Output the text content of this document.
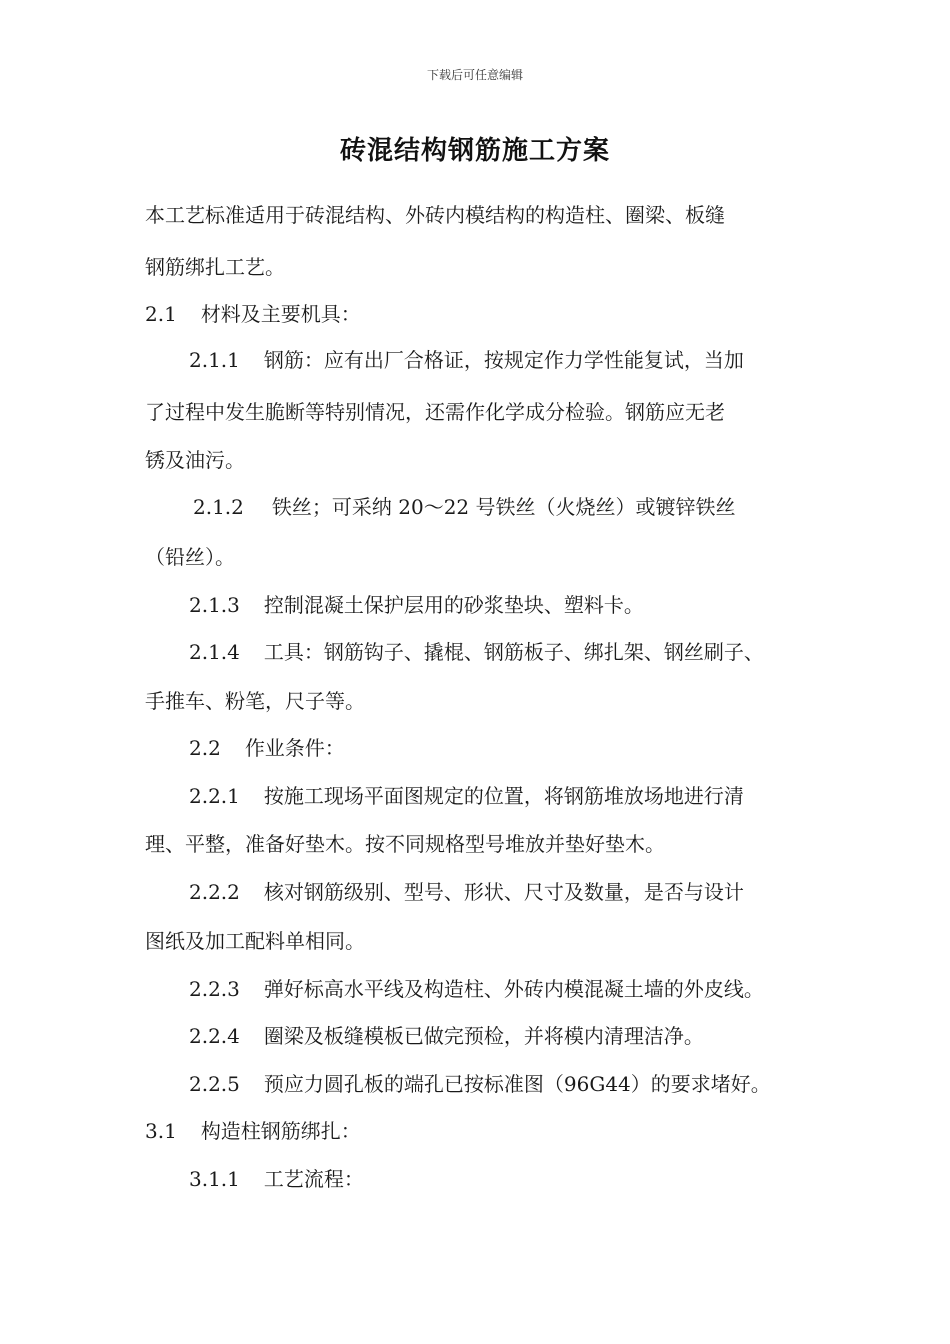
下载后可任意编辑
砖混结构钢筋施工方案
本工艺标准适用于砖混结构、外砖内模结构的构造柱、圈梁、板缝
钢筋绑扎工艺。
2.1 材料及主要机具：
2.1.1 钢筋：应有出厂合格证，按规定作力学性能复试，当加
了过程中发生脆断等特别情况，还需作化学成分检验。钢筋应无老
锈及油污。
2.1.2 铁丝；可采纳 20～22 号铁丝（火烧丝）或镀锌铁丝
（铅丝）。
2.1.3 控制混凝土保护层用的砂浆垫块、塑料卡。
2.1.4 工具：钢筋钩子、撬棍、钢筋板子、绑扎架、钢丝刷子、
手推车、粉笔，尺子等。
2.2 作业条件：
2.2.1 按施工现场平面图规定的位置，将钢筋堆放场地进行清
理、平整，准备好垫木。按不同规格型号堆放并垫好垫木。
2.2.2 核对钢筋级别、型号、形状、尺寸及数量，是否与设计
图纸及加工配料单相同。
2.2.3 弹好标高水平线及构造柱、外砖内模混凝土墙的外皮线。
2.2.4 圈梁及板缝模板已做完预检，并将模内清理洁净。
2.2.5 预应力圆孔板的端孔已按标准图（96G44）的要求堵好。
3.1 构造柱钢筋绑扎：
3.1.1 工艺流程：
